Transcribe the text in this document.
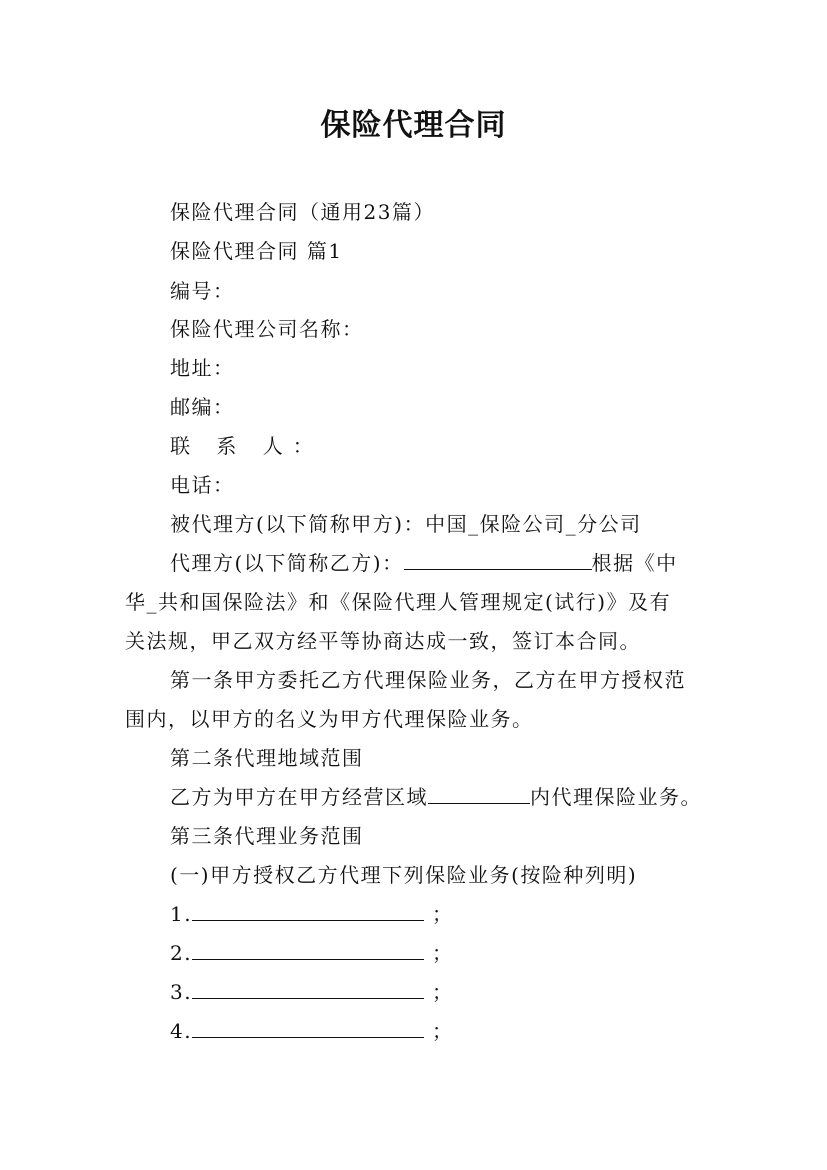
保险代理合同
保险代理合同（通用23篇）
保险代理合同 篇1
编号：
保险代理公司名称：
地址：
邮编：
联 系 人：
电话：
被代理方(以下简称甲方)：中国_保险公司_分公司
代理方(以下简称乙方)：	根据《中
华_共和国保险法》和《保险代理人管理规定(试行)》及有
关法规，甲乙双方经平等协商达成一致，签订本合同。
第一条甲方委托乙方代理保险业务，乙方在甲方授权范
围内，以甲方的名义为甲方代理保险业务。
第二条代理地域范围
乙方为甲方在甲方经营区域	内代理保险业务。
第三条代理业务范围
(一)甲方授权乙方代理下列保险业务(按险种列明)
1.	；
2.	；
3.	；
4.	；
